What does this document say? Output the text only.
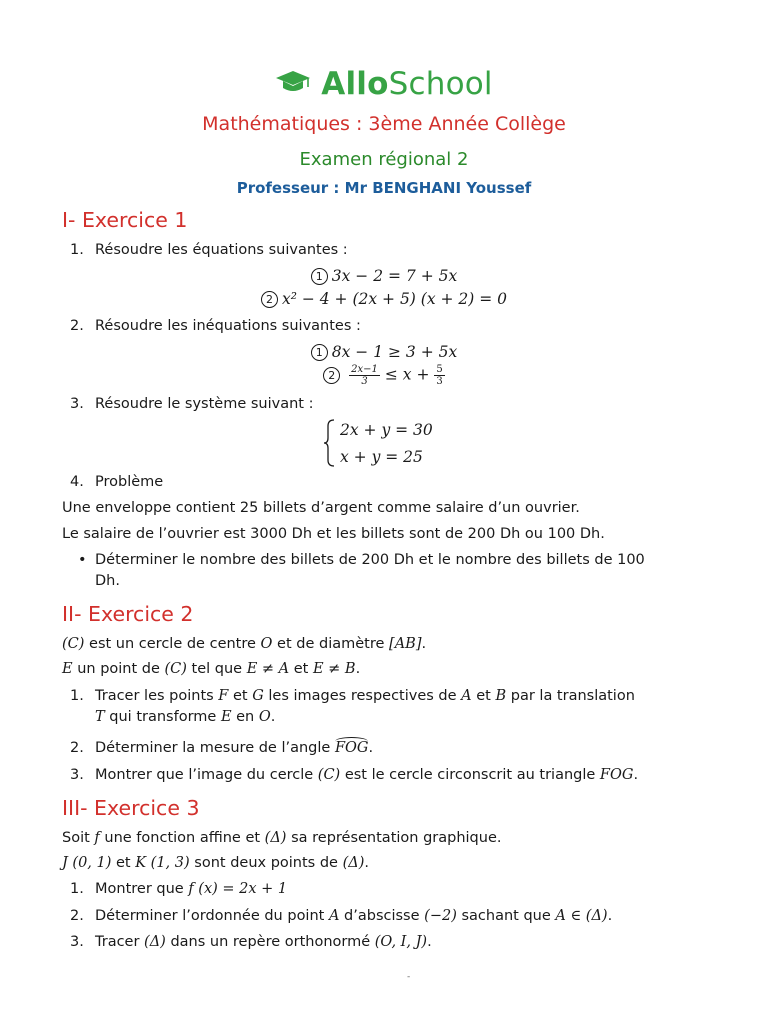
AlloSchool
Mathématiques : 3ème Année Collège
Examen régional 2
Professeur : Mr BENGHANI Youssef
I- Exercice 1
1. Résoudre les équations suivantes :
1 3x − 2 = 7 + 5x
2 x² − 4 + (2x + 5) (x + 2) = 0
2. Résoudre les inéquations suivantes :
1 8x − 1 ≥ 3 + 5x
$2 \frac{2x-1}{3} \le x + \frac{5}{3}$
3. Résoudre le système suivant :
2x + y = 30
x + y = 25
4. Problème
Une enveloppe contient 25 billets d’argent comme salaire d’un ouvrier.
Le salaire de l’ouvrier est 3000 Dh et les billets sont de 200 Dh ou 100 Dh.
• Déterminer le nombre des billets de 200 Dh et le nombre des billets de 100
Dh.
II- Exercice 2
(C) est un cercle de centre O et de diamètre [AB].
E un point de (C) tel que E ≠ A et E ≠ B.
1. Tracer les points F et G les images respectives de A et B par la translation
T qui transforme E en O.
2. Déterminer la mesure de l’angle FOG.
3. Montrer que l’image du cercle (C) est le cercle circonscrit au triangle FOG.
III- Exercice 3
Soit f une fonction affine et (Δ) sa représentation graphique.
J (0, 1) et K (1, 3) sont deux points de (Δ).
1. Montrer que f (x) = 2x + 1
2. Déterminer l’ordonnée du point A d’abscisse (−2) sachant que A ∈ (Δ).
3. Tracer (Δ) dans un repère orthonormé (O, I, J).
-
